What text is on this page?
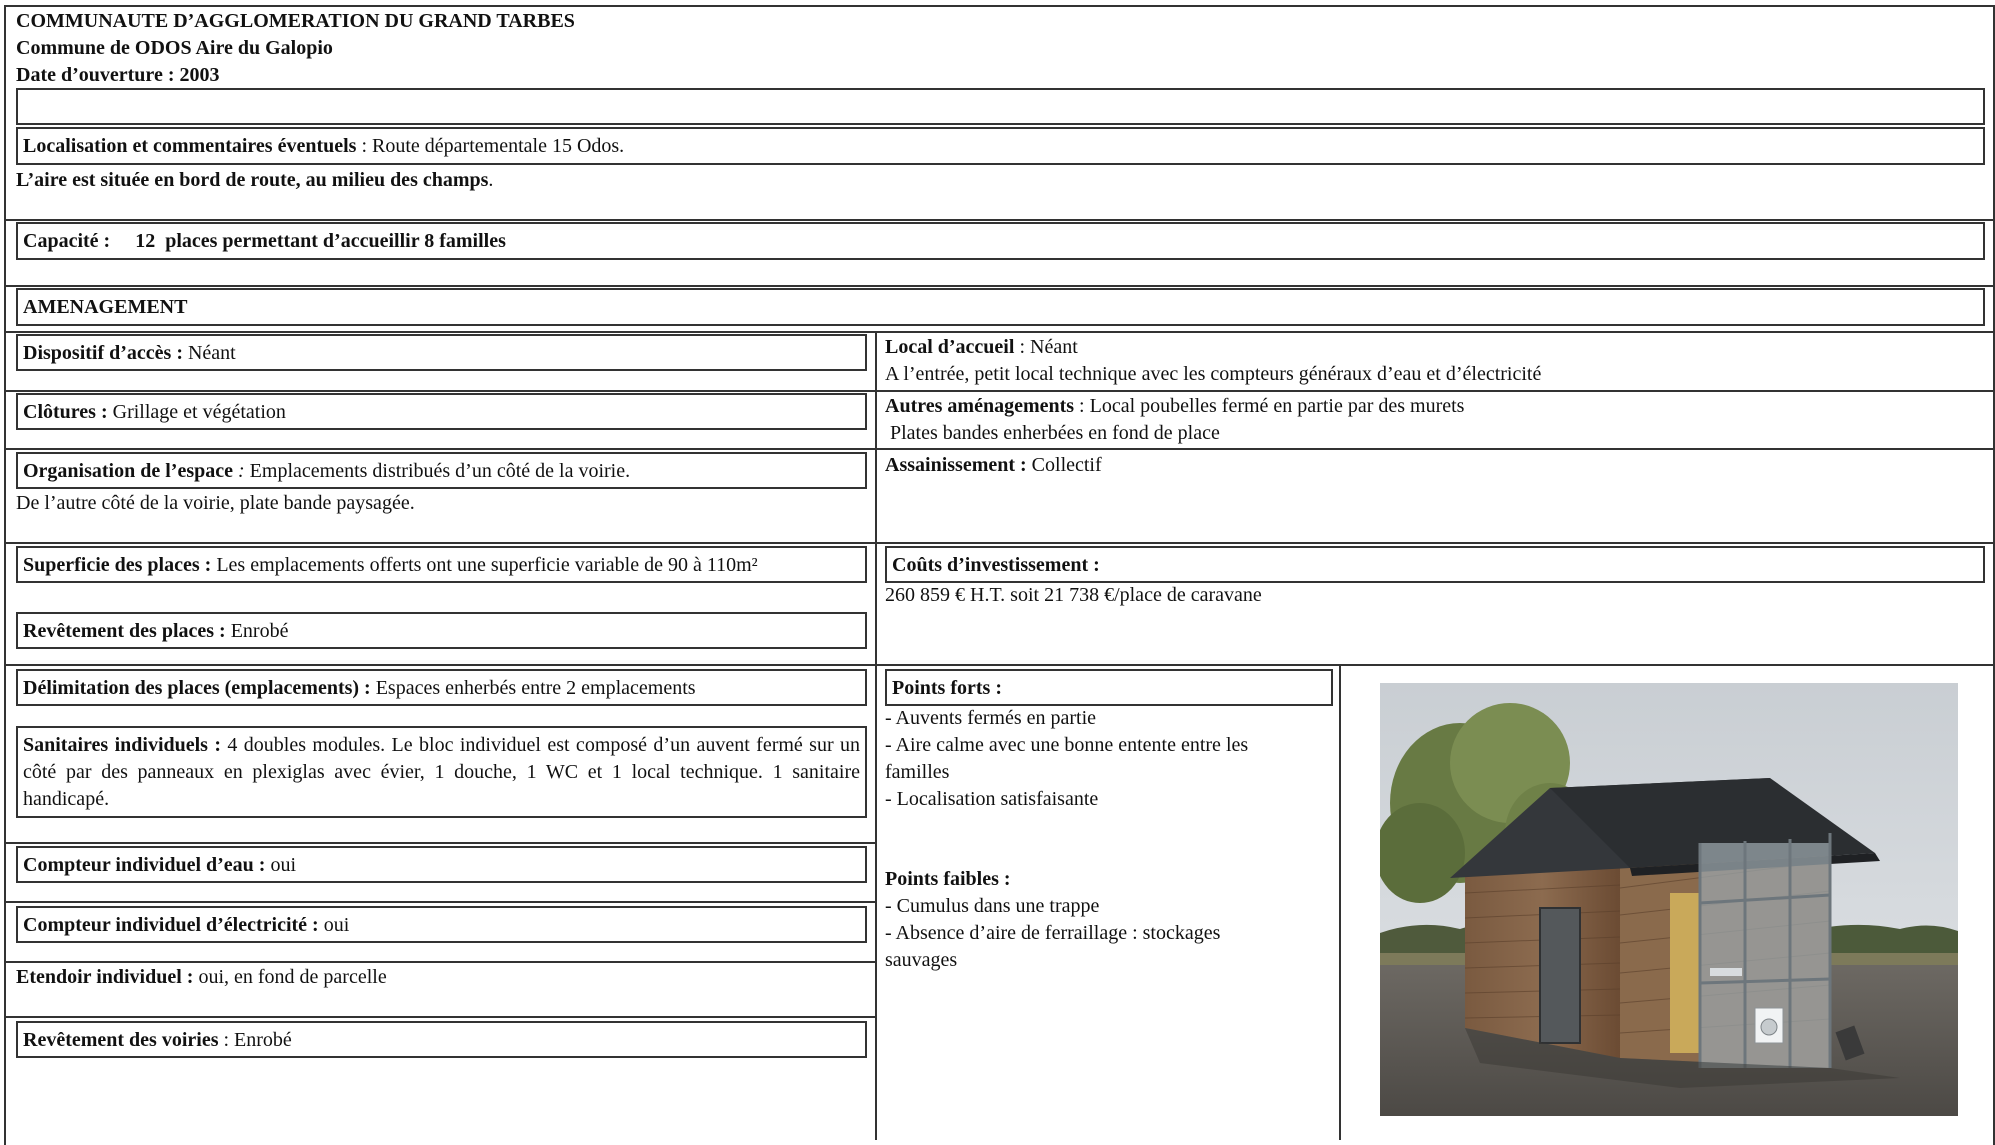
COMMUNAUTE D’AGGLOMERATION DU GRAND TARBES
Commune de ODOS Aire du Galopio
Date d’ouverture : 2003
Localisation et commentaires éventuels : Route départementale 15 Odos.
L’aire est située en bord de route, au milieu des champs.
Capacité :     12  places permettant d’accueillir 8 familles
AMENAGEMENT
Dispositif d’accès : Néant
Clôtures : Grillage et végétation
Organisation de l’espace : Emplacements distribués d’un côté de la voirie.
De l’autre côté de la voirie, plate bande paysagée.
Superficie des places : Les emplacements offerts ont une superficie variable de 90 à 110m²
Revêtement des places : Enrobé
Délimitation des places (emplacements) : Espaces enherbés entre 2 emplacements
Sanitaires individuels : 4 doubles modules. Le bloc individuel est composé d’un auvent fermé sur un côté par des panneaux en plexiglas avec évier, 1 douche, 1 WC et 1 local technique. 1 sanitaire handicapé.
Compteur individuel d’eau : oui
Compteur individuel d’électricité : oui
Etendoir individuel : oui, en fond de parcelle
Revêtement des voiries : Enrobé
Local d’accueil : Néant
A l’entrée, petit local technique avec les compteurs généraux d’eau et d’électricité
Autres aménagements : Local poubelles fermé en partie par des murets
Plates bandes enherbées en fond de place
Assainissement : Collectif
Coûts d’investissement :
260 859 € H.T. soit 21 738 €/place de caravane
Points forts :
- Auvents fermés en partie
- Aire calme avec une bonne entente entre les
familles
- Localisation satisfaisante
Points faibles :
- Cumulus dans une trappe
- Absence d’aire de ferraillage : stockages
sauvages
